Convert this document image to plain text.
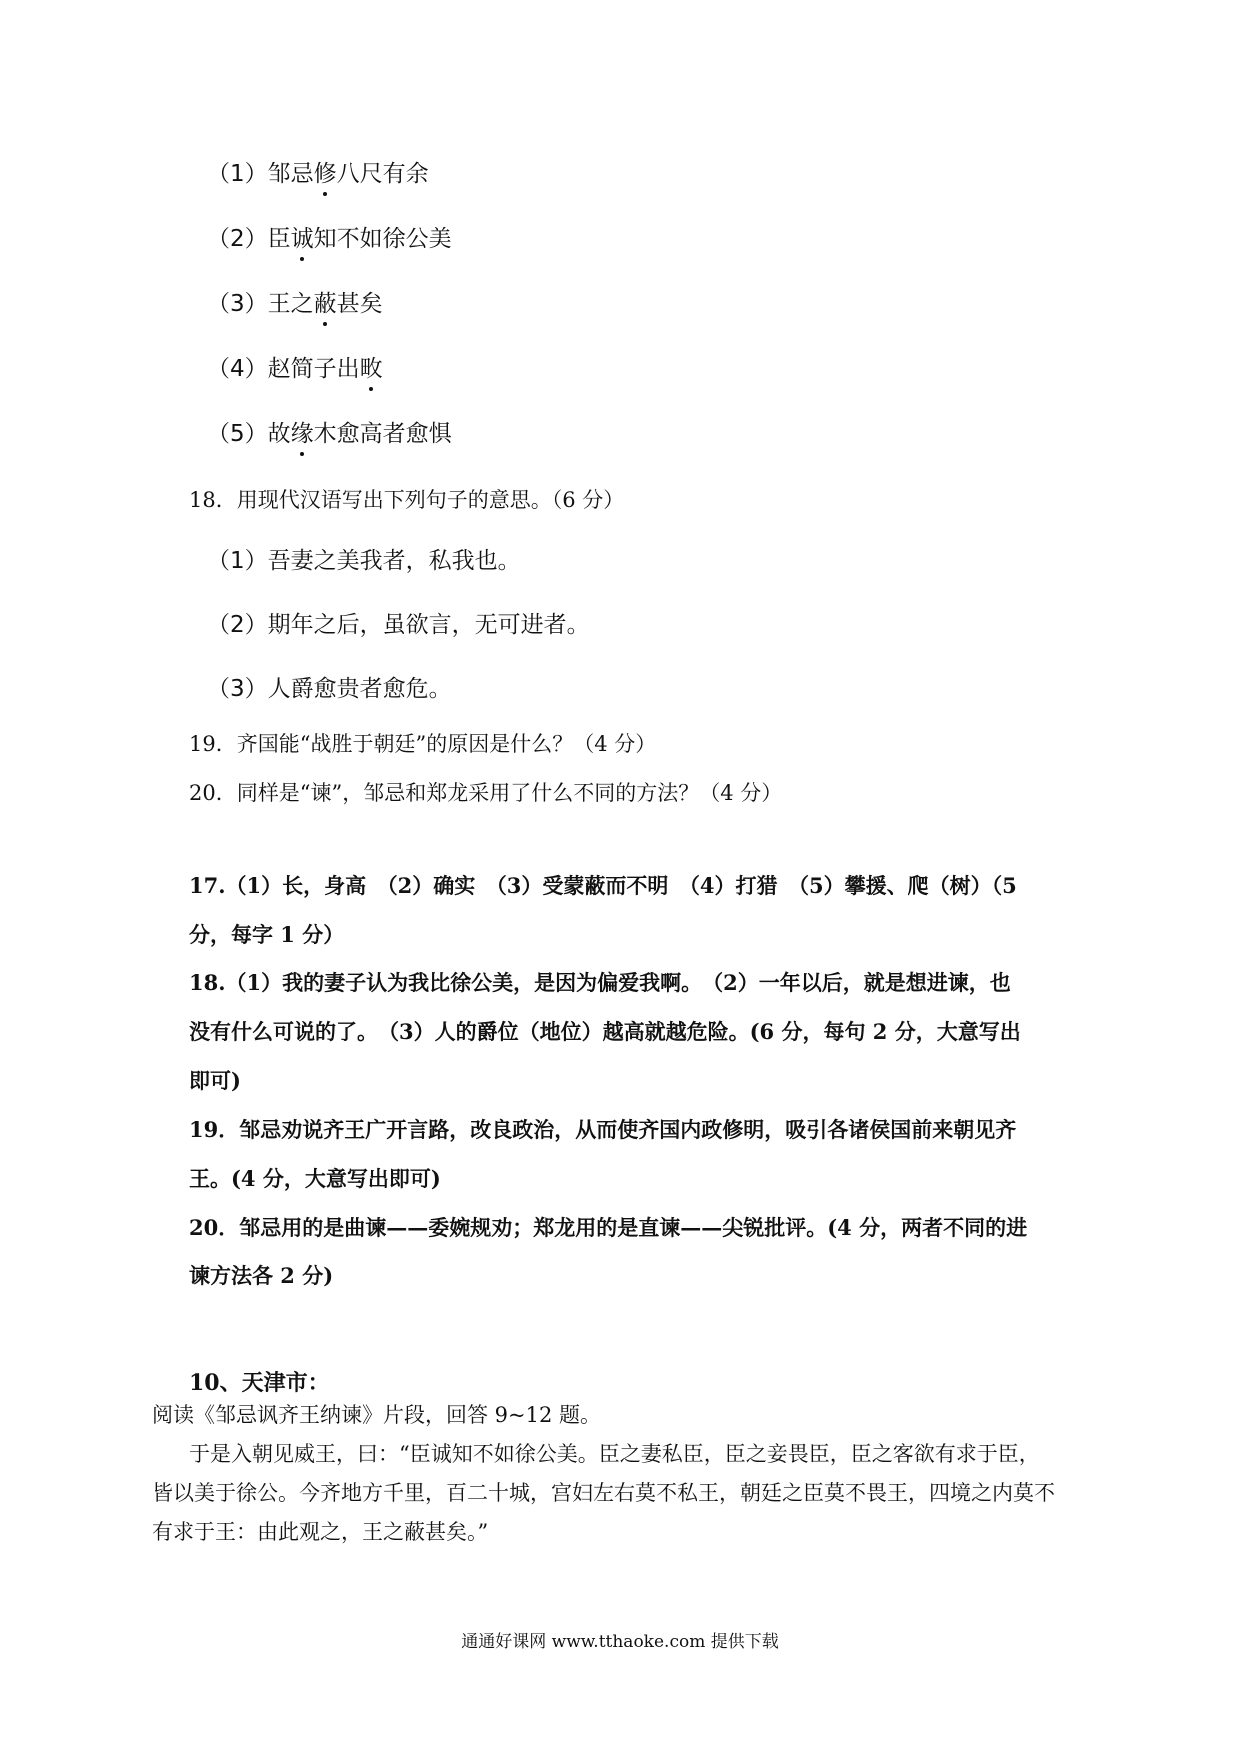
（1）邹忌修八尺有余
（2）臣诚知不如徐公美
（3）王之蔽甚矣
（4）赵简子出畋
（5）故缘木愈高者愈惧
18．用现代汉语写出下列句子的意思。（6 分）
（1）吾妻之美我者，私我也。
（2）期年之后，虽欲言，无可进者。
（3）人爵愈贵者愈危。
19．齐国能“战胜于朝廷”的原因是什么？（4 分）
20．同样是“谏”，邹忌和郑龙采用了什么不同的方法？（4 分）
17.（1）长，身高　（2）确实　（3）受蒙蔽而不明　（4）打猎　（5）攀援、爬（树）（5
分，每字 1 分）
18.（1）我的妻子认为我比徐公美，是因为偏爱我啊。　（2）一年以后，就是想进谏，也
没有什么可说的了。　（3）人的爵位（地位）越高就越危险。(6 分，每句 2 分，大意写出
即可)
19．邹忌劝说齐王广开言路，改良政治，从而使齐国内政修明，吸引各诸侯国前来朝见齐
王。(4 分，大意写出即可)
20．邹忌用的是曲谏——委婉规劝；郑龙用的是直谏——尖锐批评。(4 分，两者不同的进
谏方法各 2 分)
10、天津市：
阅读《邹忌讽齐王纳谏》片段，回答 9~12 题。
于是入朝见威王，曰：“臣诚知不如徐公美。臣之妻私臣，臣之妾畏臣，臣之客欲有求于臣，
皆以美于徐公。今齐地方千里，百二十城，宫妇左右莫不私王，朝廷之臣莫不畏王，四境之内莫不
有求于王：由此观之，王之蔽甚矣。”
通通好课网 www.tthaoke.com 提供下载
